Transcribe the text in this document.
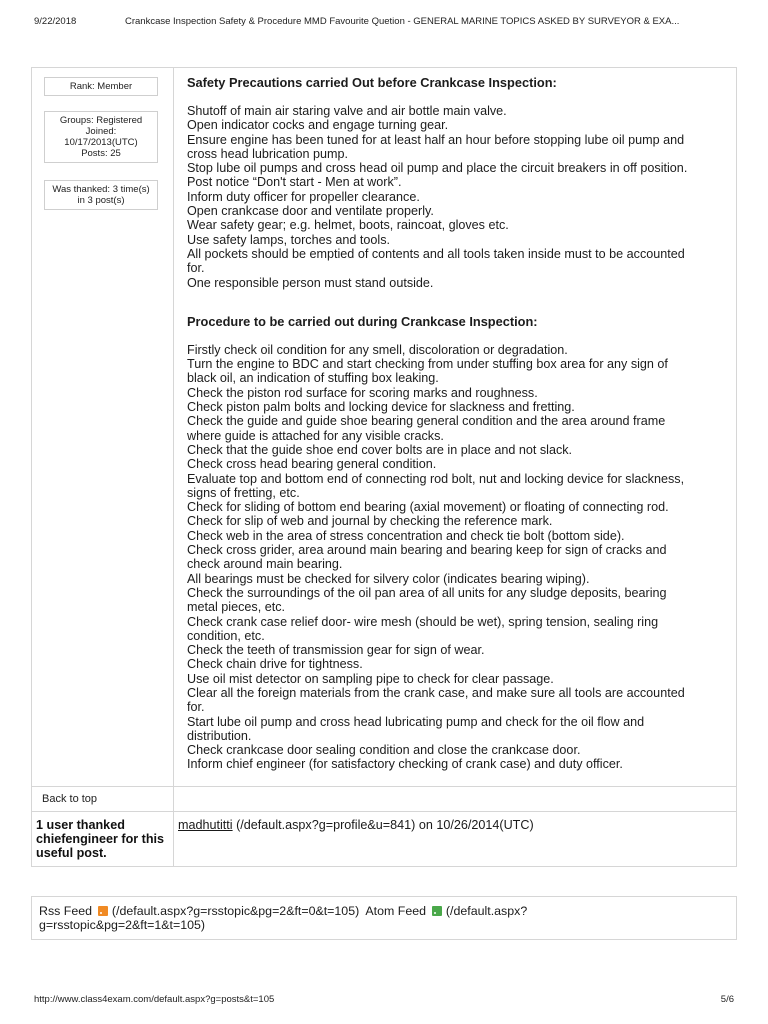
9/22/2018	Crankcase Inspection Safety & Procedure MMD Favourite Quetion - GENERAL MARINE TOPICS ASKED BY SURVEYOR & EXA...
Rank: Member
Groups: Registered
Joined:
10/17/2013(UTC)
Posts: 25
Was thanked: 3 time(s)
in 3 post(s)
Safety Precautions carried Out before Crankcase Inspection:
Shutoff of main air staring valve and air bottle main valve.
Open indicator cocks and engage turning gear.
Ensure engine has been tuned for at least half an hour before stopping lube oil pump and
cross head lubrication pump.
Stop lube oil pumps and cross head oil pump and place the circuit breakers in off position.
Post notice “Don't start - Men at work”.
Inform duty officer for propeller clearance.
Open crankcase door and ventilate properly.
Wear safety gear; e.g. helmet, boots, raincoat, gloves etc.
Use safety lamps, torches and tools.
All pockets should be emptied of contents and all tools taken inside must to be accounted
for.
One responsible person must stand outside.
Procedure to be carried out during Crankcase Inspection:
Firstly check oil condition for any smell, discoloration or degradation.
Turn the engine to BDC and start checking from under stuffing box area for any sign of
black oil, an indication of stuffing box leaking.
Check the piston rod surface for scoring marks and roughness.
Check piston palm bolts and locking device for slackness and fretting.
Check the guide and guide shoe bearing general condition and the area around frame
where guide is attached for any visible cracks.
Check that the guide shoe end cover bolts are in place and not slack.
Check cross head bearing general condition.
Evaluate top and bottom end of connecting rod bolt, nut and locking device for slackness,
signs of fretting, etc.
Check for sliding of bottom end bearing (axial movement) or floating of connecting rod.
Check for slip of web and journal by checking the reference mark.
Check web in the area of stress concentration and check tie bolt (bottom side).
Check cross grider, area around main bearing and bearing keep for sign of cracks and
check around main bearing.
All bearings must be checked for silvery color (indicates bearing wiping).
Check the surroundings of the oil pan area of all units for any sludge deposits, bearing
metal pieces, etc.
Check crank case relief door- wire mesh (should be wet), spring tension, sealing ring
condition, etc.
Check the teeth of transmission gear for sign of wear.
Check chain drive for tightness.
Use oil mist detector on sampling pipe to check for clear passage.
Clear all the foreign materials from the crank case, and make sure all tools are accounted
for.
Start lube oil pump and cross head lubricating pump and check for the oil flow and
distribution.
Check crankcase door sealing condition and close the crankcase door.
Inform chief engineer (for satisfactory checking of crank case) and duty officer.
Back to top
1 user thanked chiefengineer for this useful post.
madhutitti (/default.aspx?g=profile&u=841) on 10/26/2014(UTC)
Rss Feed  (/default.aspx?g=rsstopic&pg=2&ft=0&t=105) Atom Feed  (/default.aspx?
g=rsstopic&pg=2&ft=1&t=105)
http://www.class4exam.com/default.aspx?g=posts&t=105	5/6
